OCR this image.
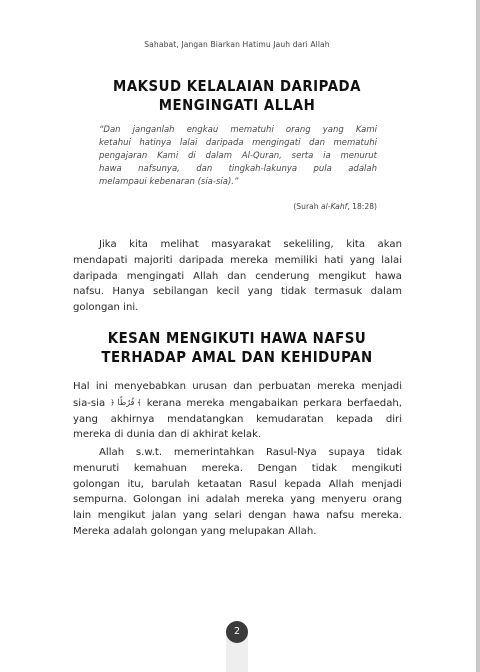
Sahabat, Jangan Biarkan Hatimu Jauh dari Allah
MAKSUD KELALAIAN DARIPADA
MENGINGATI ALLAH
“Dan janganlah engkau mematuhi orang yang Kami
ketahui hatinya lalai daripada mengingati dan mematuhi
pengajaran Kami di dalam Al-Quran, serta ia menurut
hawa nafsunya, dan tingkah-lakunya pula adalah
melampaui kebenaran (sia-sia).”
(Surah al-Kahf, 18:28)
Jika kita melihat masyarakat sekeliling, kita akan
mendapati majoriti daripada mereka memiliki hati yang lalai
daripada mengingati Allah dan cenderung mengikut hawa
nafsu. Hanya sebilangan kecil yang tidak termasuk dalam
golongan ini.
KESAN MENGIKUTI HAWA NAFSU
TERHADAP AMAL DAN KEHIDUPAN
Hal ini menyebabkan urusan dan perbuatan mereka menjadi
sia-sia ﴿ فُرُطًا ﴾ kerana mereka mengabaikan perkara berfaedah,
yang akhirnya mendatangkan kemudaratan kepada diri
mereka di dunia dan di akhirat kelak.
Allah s.w.t. memerintahkan Rasul-Nya supaya tidak
menuruti kemahuan mereka. Dengan tidak mengikuti
golongan itu, barulah ketaatan Rasul kepada Allah menjadi
sempurna. Golongan ini adalah mereka yang menyeru orang
lain mengikut jalan yang selari dengan hawa nafsu mereka.
Mereka adalah golongan yang melupakan Allah.
2
